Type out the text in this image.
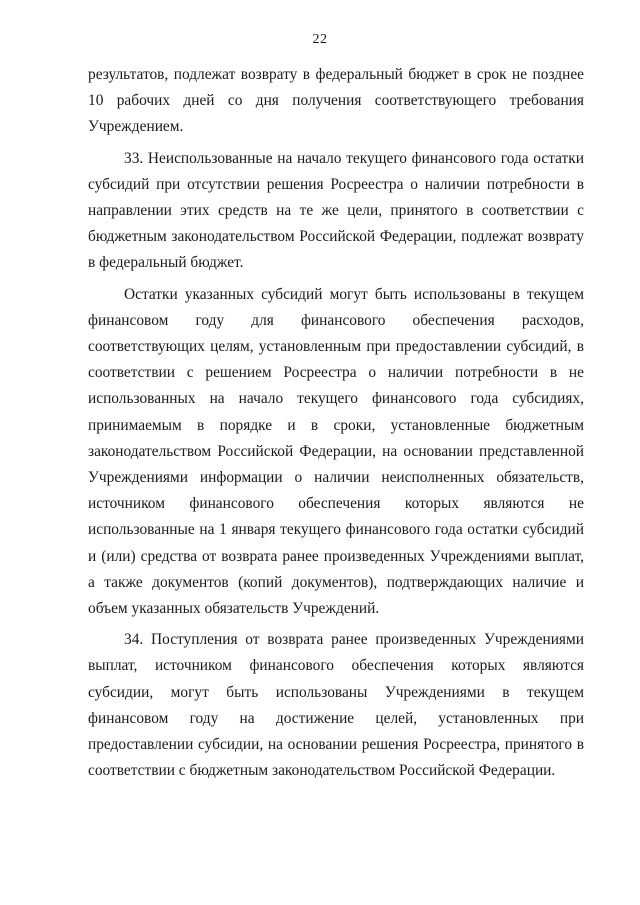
22

результатов, подлежат возврату в федеральный бюджет в срок не позднее 10 рабочих дней со дня получения соответствующего требования Учреждением.

33. Неиспользованные на начало текущего финансового года остатки субсидий при отсутствии решения Росреестра о наличии потребности в направлении этих средств на те же цели, принятого в соответствии с бюджетным законодательством Российской Федерации, подлежат возврату в федеральный бюджет.

Остатки указанных субсидий могут быть использованы в текущем финансовом году для финансового обеспечения расходов, соответствующих целям, установленным при предоставлении субсидий, в соответствии с решением Росреестра о наличии потребности в не использованных на начало текущего финансового года субсидиях, принимаемым в порядке и в сроки, установленные бюджетным законодательством Российской Федерации, на основании представленной Учреждениями информации о наличии неисполненных обязательств, источником финансового обеспечения которых являются не использованные на 1 января текущего финансового года остатки субсидий и (или) средства от возврата ранее произведенных Учреждениями выплат, а также документов (копий документов), подтверждающих наличие и объем указанных обязательств Учреждений.

34. Поступления от возврата ранее произведенных Учреждениями выплат, источником финансового обеспечения которых являются субсидии, могут быть использованы Учреждениями в текущем финансовом году на достижение целей, установленных при предоставлении субсидии, на основании решения Росреестра, принятого в соответствии с бюджетным законодательством Российской Федерации.
